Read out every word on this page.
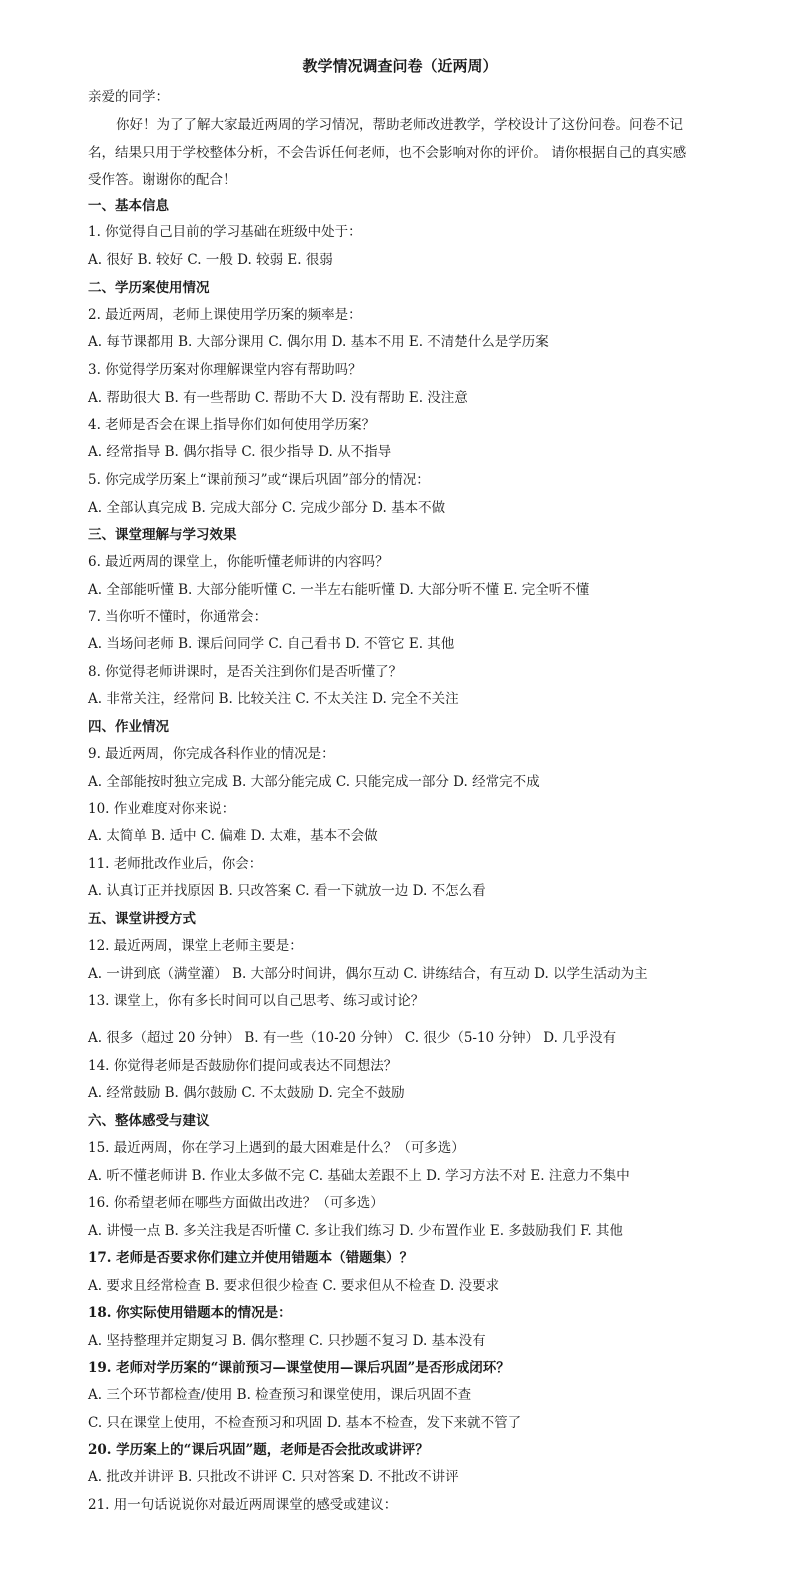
教学情况调查问卷（近两周）
亲爱的同学：
你好！为了了解大家最近两周的学习情况，帮助老师改进教学，学校设计了这份问卷。问卷不记
名，结果只用于学校整体分析，不会告诉任何老师，也不会影响对你的评价。 请你根据自己的真实感
受作答。谢谢你的配合！
一、基本信息
1. 你觉得自己目前的学习基础在班级中处于：
A. 很好 B. 较好 C. 一般 D. 较弱 E. 很弱
二、学历案使用情况
2. 最近两周，老师上课使用学历案的频率是：
A. 每节课都用 B. 大部分课用 C. 偶尔用 D. 基本不用 E. 不清楚什么是学历案
3. 你觉得学历案对你理解课堂内容有帮助吗？
A. 帮助很大 B. 有一些帮助 C. 帮助不大 D. 没有帮助 E. 没注意
4. 老师是否会在课上指导你们如何使用学历案？
A. 经常指导 B. 偶尔指导 C. 很少指导 D. 从不指导
5. 你完成学历案上“课前预习”或“课后巩固”部分的情况：
A. 全部认真完成 B. 完成大部分 C. 完成少部分 D. 基本不做
三、课堂理解与学习效果
6. 最近两周的课堂上，你能听懂老师讲的内容吗？
A. 全部能听懂 B. 大部分能听懂 C. 一半左右能听懂 D. 大部分听不懂 E. 完全听不懂
7. 当你听不懂时，你通常会：
A. 当场问老师 B. 课后问同学 C. 自己看书 D. 不管它 E. 其他
8. 你觉得老师讲课时，是否关注到你们是否听懂了？
A. 非常关注，经常问 B. 比较关注 C. 不太关注 D. 完全不关注
四、作业情况
9. 最近两周，你完成各科作业的情况是：
A. 全部能按时独立完成 B. 大部分能完成 C. 只能完成一部分 D. 经常完不成
10. 作业难度对你来说：
A. 太简单 B. 适中 C. 偏难 D. 太难，基本不会做
11. 老师批改作业后，你会：
A. 认真订正并找原因 B. 只改答案 C. 看一下就放一边 D. 不怎么看
五、课堂讲授方式
12. 最近两周，课堂上老师主要是：
A. 一讲到底（满堂灌） B. 大部分时间讲，偶尔互动 C. 讲练结合，有互动 D. 以学生活动为主
13. 课堂上，你有多长时间可以自己思考、练习或讨论？
A. 很多（超过 20 分钟） B. 有一些（10-20 分钟） C. 很少（5-10 分钟） D. 几乎没有
14. 你觉得老师是否鼓励你们提问或表达不同想法？
A. 经常鼓励 B. 偶尔鼓励 C. 不太鼓励 D. 完全不鼓励
六、整体感受与建议
15. 最近两周，你在学习上遇到的最大困难是什么？（可多选）
A. 听不懂老师讲 B. 作业太多做不完 C. 基础太差跟不上 D. 学习方法不对 E. 注意力不集中
16. 你希望老师在哪些方面做出改进？（可多选）
A. 讲慢一点 B. 多关注我是否听懂 C. 多让我们练习 D. 少布置作业 E. 多鼓励我们 F. 其他
17. 老师是否要求你们建立并使用错题本（错题集）？
A. 要求且经常检查 B. 要求但很少检查 C. 要求但从不检查 D. 没要求
18. 你实际使用错题本的情况是：
A. 坚持整理并定期复习 B. 偶尔整理 C. 只抄题不复习 D. 基本没有
19. 老师对学历案的“课前预习—课堂使用—课后巩固”是否形成闭环？
A. 三个环节都检查/使用 B. 检查预习和课堂使用，课后巩固不查
C. 只在课堂上使用，不检查预习和巩固 D. 基本不检查，发下来就不管了
20. 学历案上的“课后巩固”题，老师是否会批改或讲评？
A. 批改并讲评 B. 只批改不讲评 C. 只对答案 D. 不批改不讲评
21. 用一句话说说你对最近两周课堂的感受或建议：
